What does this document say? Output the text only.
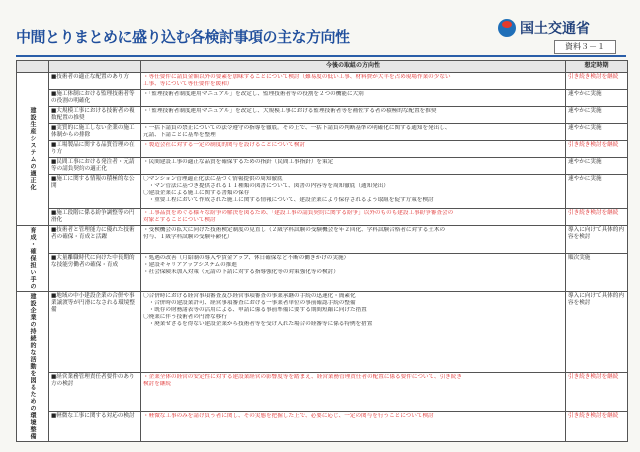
中間とりまとめに盛り込む各検討事項の主な方向性	国土交通省
資料３－１
		今後の取組の方向性	想定時期
建設生産システムの適正化	■技術者の適正な配置のあり方	・専任要件に請負金額以外の要素を加味することについて検討（難易度の低い工事、材料費が大半を占め現場作業の少ない
工事、等について専任要件を緩和）	引き続き検討を継続
	■施工体制における監理技術者等の役割の明確化	・「監理技術者制度運用マニュアル」を改定し、監理技術者等の役割を２つの機能に大別	速やかに実施
	■大規模工事における技術者の複数配置の推奨	・「監理技術者制度運用マニュアル」を改定し、大規模工事における監理技術者等を補佐する者の積極的な配置を推奨	速やかに実施
	■実質的に施工しない企業の施工体制からの排除	・一括下請負の禁止についての法令遵守の指導を徹底。その上で、一括下請負の判断基準の明確化に関する通知を発出し、
元請、下請ごとに基準を整理	速やかに実施
	■工場製品に関する品質管理の在り方	・製造会社に対する一定の制度的関与を設けることについて検討	引き続き検討を継続
	■民間工事における発注者・元請等の請負契約の適正化	・民間建設工事の適正な品質を確保するための指針（民間工事指針）を策定	速やかに実施
	■施工に関する情報の積極的な公開	〇マンション管理適正化法に基づく情報提供の周知徹底
　・マン管法に基づき提供される１１種類の図書について、図書の内容等を周知徹底（通知発出）
〇建設企業による施工に関する書類の保存
　・重要工程において作成された施工に関する情報について、建設企業により保存されるよう取組を促す方策を検討	速やかに実施
	■施工段階に係る紛争調整等の円滑化	・工事品質をめぐる様々な紛争の解決を図るため、「建設工事の請負契約に関する紛争」以外のものも建設工事紛争審査会の
対象とすることについて検討	引き続き検討を継続
育成・確保担い手の	■技術者と管理能力に優れた技術者の確保・育成と活躍	・受検機会の拡大に向けた技術検定制度の見直し（２級学科試験の受験機会を年２回化、学科試験合格者に対する土木の
付与、１級学科試験の受験年齢化）	導入に向けて具体的内容を検討
	■大量離職時代に向けた中長期的な技能労働者の確保・育成	・処遇の改善（月給制の導入や賃金アップ、休日確保など不断の働きかけの実施）
・建設キャリアアップシステムの推進
・社会保険未加入対策（元請の下請に対する指導強化等の対策強化等の検討）	順次実施
建設企業の持続的な活動を図るための環境整備	■地域の中小建設企業の合併や事業譲渡等が円滑になされる環境整備	〇合併時における経営事項審査及び経営事項審査の事業承継の手続の迅速化・簡素化
　・合併時の建設業許可、経営事項審査における一事業者単位の事前確認手続の整備
　・既存の財務諸表等の活用による、申請に係る事前準備に要する期間短縮に向けた措置
〇廃業に伴う技術者の円滑な移行
　・廃業せざるを得ない建設企業から技術者等を受け入れた場合の経審等に係る特例を措置	導入に向けて具体的内容を検討
	■経営業務管理責任者要件のあり方の検討	・企業全体の経営の安定性に対する建設業経営の影響度等を踏まえ、経営業務管理責任者の配置に係る要件について、引き続き
検討を継続	引き続き検討を継続
	■軽微な工事に関する対応の検討	・軽微な工事のみを請け負う者に関し、その実態を把握した上で、必要に応じ、一定の関与を行うことについて検討	引き続き検討を継続
